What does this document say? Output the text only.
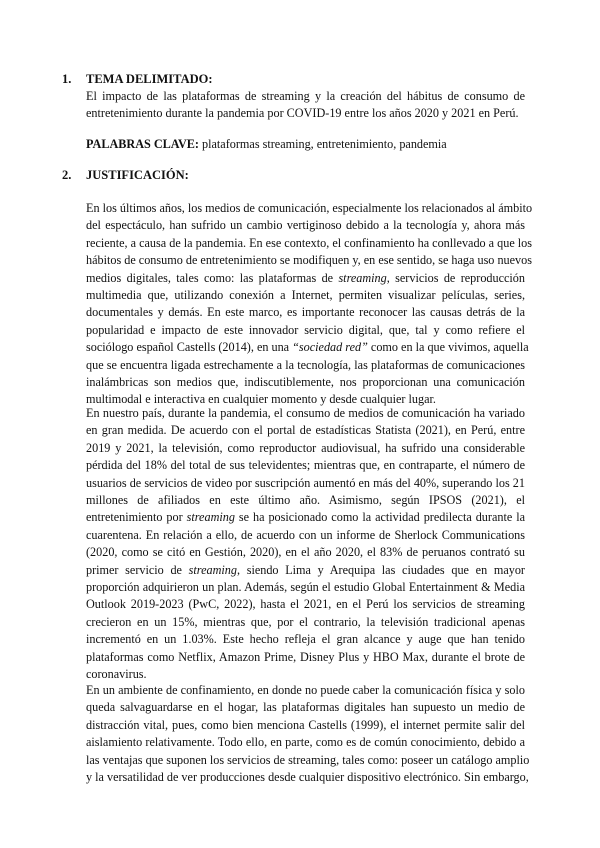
1. TEMA DELIMITADO:
El impacto de las plataformas de streaming y la creación del hábitus de consumo de
entretenimiento durante la pandemia por COVID-19 entre los años 2020 y 2021 en Perú.
PALABRAS CLAVE: plataformas streaming, entretenimiento, pandemia
2. JUSTIFICACIÓN:
En los últimos años, los medios de comunicación, especialmente los relacionados al ámbito
del espectáculo, han sufrido un cambio vertiginoso debido a la tecnología y, ahora más
reciente, a causa de la pandemia. En ese contexto, el confinamiento ha conllevado a que los
hábitos de consumo de entretenimiento se modifiquen y, en ese sentido, se haga uso nuevos
medios digitales, tales como: las plataformas de streaming, servicios de reproducción
multimedia que, utilizando conexión a Internet, permiten visualizar películas, series,
documentales y demás. En este marco, es importante reconocer las causas detrás de la
popularidad e impacto de este innovador servicio digital, que, tal y como refiere el
sociólogo español Castells (2014), en una “sociedad red” como en la que vivimos, aquella
que se encuentra ligada estrechamente a la tecnología, las plataformas de comunicaciones
inalámbricas son medios que, indiscutiblemente, nos proporcionan una comunicación
multimodal e interactiva en cualquier momento y desde cualquier lugar.
En nuestro país, durante la pandemia, el consumo de medios de comunicación ha variado
en gran medida. De acuerdo con el portal de estadísticas Statista (2021), en Perú, entre
2019 y 2021, la televisión, como reproductor audiovisual, ha sufrido una considerable
pérdida del 18% del total de sus televidentes; mientras que, en contraparte, el número de
usuarios de servicios de video por suscripción aumentó en más del 40%, superando los 21
millones de afiliados en este último año. Asimismo, según IPSOS (2021), el
entretenimiento por streaming se ha posicionado como la actividad predilecta durante la
cuarentena. En relación a ello, de acuerdo con un informe de Sherlock Communications
(2020, como se citó en Gestión, 2020), en el año 2020, el 83% de peruanos contrató su
primer servicio de streaming, siendo Lima y Arequipa las ciudades que en mayor
proporción adquirieron un plan. Además, según el estudio Global Entertainment & Media
Outlook 2019-2023 (PwC, 2022), hasta el 2021, en el Perú los servicios de streaming
crecieron en un 15%, mientras que, por el contrario, la televisión tradicional apenas
incrementó en un 1.03%. Este hecho refleja el gran alcance y auge que han tenido
plataformas como Netflix, Amazon Prime, Disney Plus y HBO Max, durante el brote de
coronavirus.
En un ambiente de confinamiento, en donde no puede caber la comunicación física y solo
queda salvaguardarse en el hogar, las plataformas digitales han supuesto un medio de
distracción vital, pues, como bien menciona Castells (1999), el internet permite salir del
aislamiento relativamente. Todo ello, en parte, como es de común conocimiento, debido a
las ventajas que suponen los servicios de streaming, tales como: poseer un catálogo amplio
y la versatilidad de ver producciones desde cualquier dispositivo electrónico. Sin embargo,
